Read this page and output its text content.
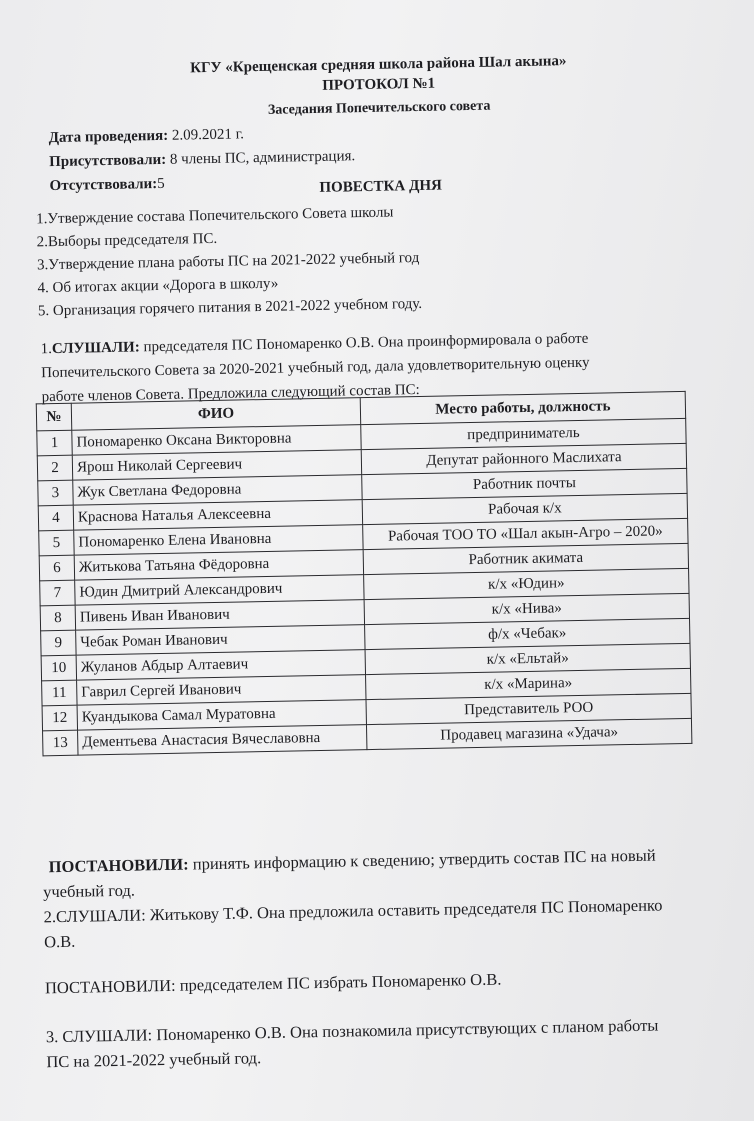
КГУ «Крещенская средняя школа района Шал акына»
ПРОТОКОЛ №1
Заседания Попечительского совета
Дата проведения: 2.09.2021 г.
Присутствовали: 8 члены ПС, администрация.
Отсутствовали:5	ПОВЕСТКА ДНЯ
1.Утверждение состава Попечительского Совета школы
2.Выборы председателя ПС.
3.Утверждение плана работы ПС на 2021-2022 учебный год
4. Об итогах акции «Дорога в школу»
5. Организация горячего питания в 2021-2022 учебном году.
1.СЛУШАЛИ: председателя ПС Пономаренко О.В. Она проинформировала о работе
Попечительского Совета за 2020-2021 учебный год, дала удовлетворительную оценку
работе членов Совета. Предложила следующий состав ПС:
№	ФИО	Место работы, должность
1	Пономаренко Оксана Викторовна	предприниматель
2	Ярош Николай Сергеевич	Депутат районного Маслихата
3	Жук Светлана Федоровна	Работник почты
4	Краснова Наталья Алексеевна	Рабочая к/х
5	Пономаренко Елена Ивановна	Рабочая ТОО ТО «Шал акын-Агро – 2020»
6	Житькова Татьяна Фёдоровна	Работник акимата
7	Юдин Дмитрий Александрович	к/х «Юдин»
8	Пивень Иван Иванович	к/х «Нива»
9	Чебак Роман Иванович	ф/х «Чебак»
10	Жуланов Абдыр Алтаевич	к/х «Ельтай»
11	Гаврил Сергей Иванович	к/х «Марина»
12	Куандыкова Самал Муратовна	Представитель РОО
13	Дементьева Анастасия Вячеславовна	Продавец магазина «Удача»
ПОСТАНОВИЛИ: принять информацию к сведению; утвердить состав ПС на новый
учебный год.
2.СЛУШАЛИ: Житькову Т.Ф. Она предложила оставить председателя ПС Пономаренко
О.В.
ПОСТАНОВИЛИ: председателем ПС избрать Пономаренко О.В.
3. СЛУШАЛИ: Пономаренко О.В. Она познакомила присутствующих с планом работы
ПС на 2021-2022 учебный год.
